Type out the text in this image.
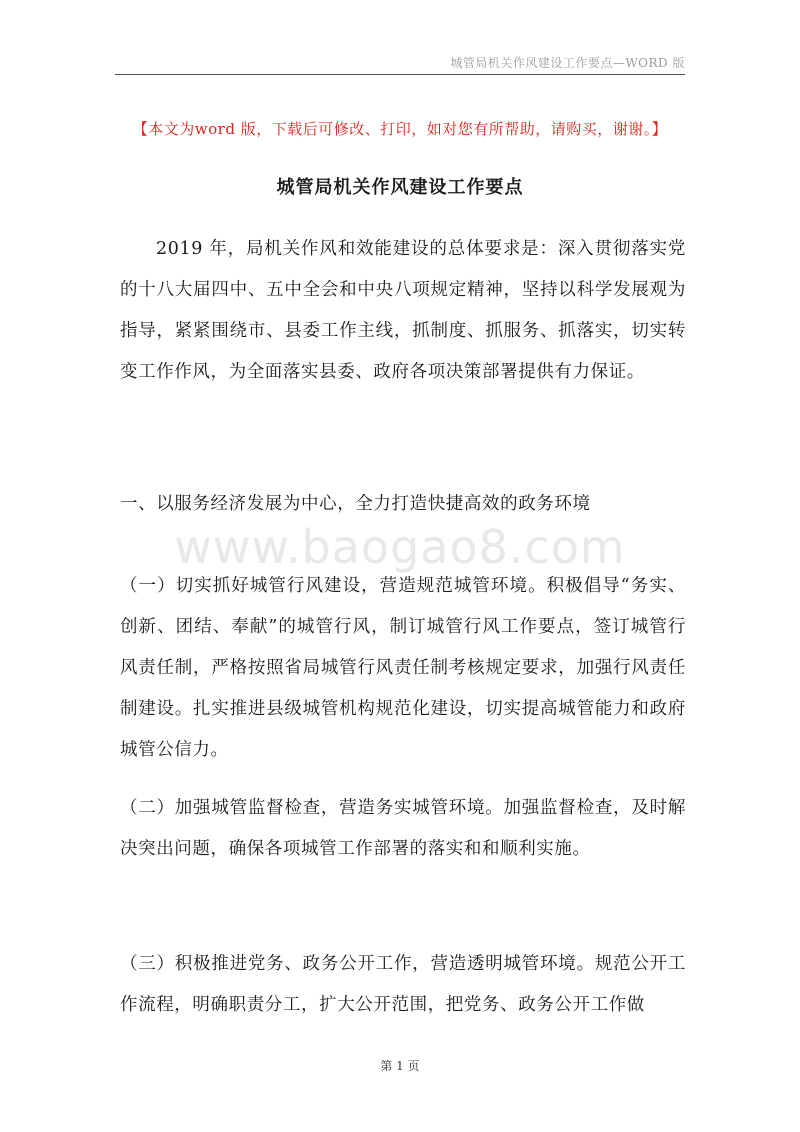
城管局机关作风建设工作要点—WORD 版
【本文为word 版，下载后可修改、打印，如对您有所帮助，请购买，谢谢。】
城管局机关作风建设工作要点

2019 年，局机关作风和效能建设的总体要求是：深入贯彻落实党的十八大届四中、五中全会和中央八项规定精神，坚持以科学发展观为指导，紧紧围绕市、县委工作主线，抓制度、抓服务、抓落实，切实转变工作作风，为全面落实县委、政府各项决策部署提供有力保证。

一、以服务经济发展为中心，全力打造快捷高效的政务环境

www.baogao8.com

（一）切实抓好城管行风建设，营造规范城管环境。积极倡导“务实、创新、团结、奉献”的城管行风，制订城管行风工作要点，签订城管行风责任制，严格按照省局城管行风责任制考核规定要求，加强行风责任制建设。扎实推进县级城管机构规范化建设，切实提高城管能力和政府城管公信力。

（二）加强城管监督检查，营造务实城管环境。加强监督检查，及时解决突出问题，确保各项城管工作部署的落实和和顺利实施。

（三）积极推进党务、政务公开工作，营造透明城管环境。规范公开工作流程，明确职责分工，扩大公开范围，把党务、政务公开工作做

第 1 页
